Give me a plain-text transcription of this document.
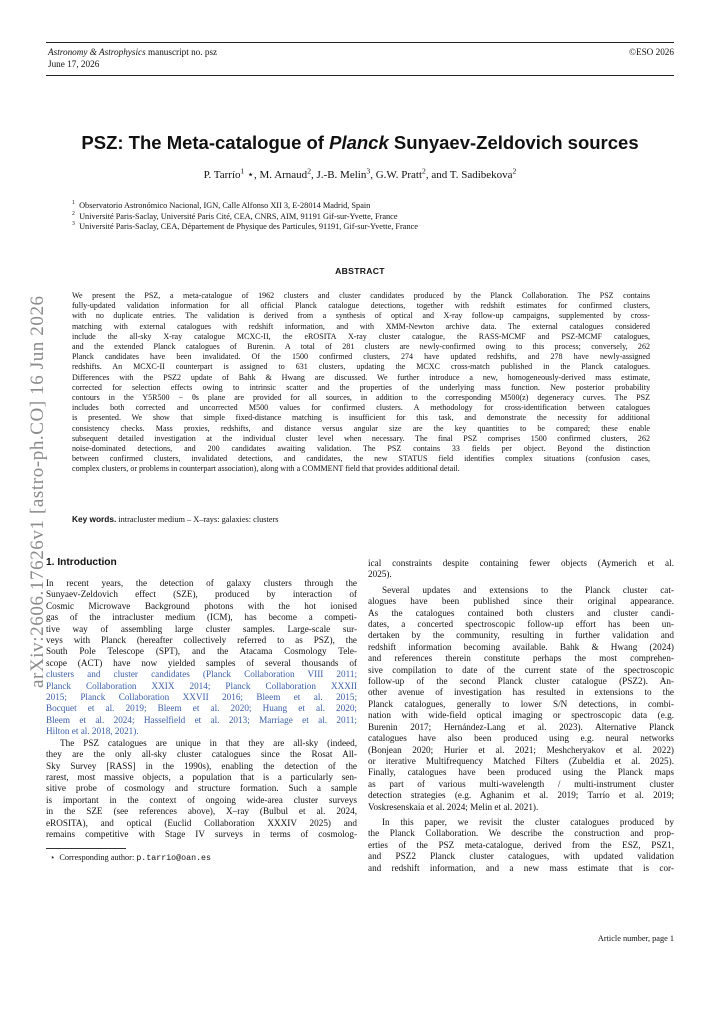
Astronomy & Astrophysics manuscript no. psz
June 17, 2026
©ESO 2026
arXiv:2606.17626v1 [astro-ph.CO] 16 Jun 2026
PSZ: The Meta-catalogue of Planck Sunyaev-Zeldovich sources
P. Tarrío$^1$ ⋆, M. Arnaud$^2$, J.-B. Melin$^3$, G.W. Pratt$^2$, and T. Sadibekova$^2$
$^1$ Observatorio Astronómico Nacional, IGN, Calle Alfonso XII 3, E-28014 Madrid, Spain
$^2$ Université Paris-Saclay, Université Paris Cité, CEA, CNRS, AIM, 91191 Gif-sur-Yvette, France
$^3$ Université Paris-Saclay, CEA, Département de Physique des Particules, 91191, Gif-sur-Yvette, France
ABSTRACT
We present the PSZ, a meta-catalogue of 1962 clusters and cluster candidates produced by the Planck Collaboration. The PSZ contains
fully-updated validation information for all official Planck catalogue detections, together with redshift estimates for confirmed clusters,
with no duplicate entries. The validation is derived from a synthesis of optical and X-ray follow-up campaigns, supplemented by cross-
matching with external catalogues with redshift information, and with XMM-Newton archive data. The external catalogues considered
include the all-sky X-ray catalogue MCXC-II, the eROSITA X-ray cluster catalogue, the RASS-MCMF and PSZ-MCMF catalogues,
and the extended Planck catalogues of Burenin. A total of 281 clusters are newly-confirmed owing to this process; conversely, 262
Planck candidates have been invalidated. Of the 1500 confirmed clusters, 274 have updated redshifts, and 278 have newly-assigned
redshifts. An MCXC-II counterpart is assigned to 631 clusters, updating the MCXC cross-match published in the Planck catalogues.
Differences with the PSZ2 update of Bahk & Hwang are discussed. We further introduce a new, homogeneously-derived mass estimate,
corrected for selection effects owing to intrinsic scatter and the properties of the underlying mass function. New posterior probability
contours in the Y5R500 − θs plane are provided for all sources, in addition to the corresponding M500(z) degeneracy curves. The PSZ
includes both corrected and uncorrected M500 values for confirmed clusters. A methodology for cross-identification between catalogues
is presented. We show that simple fixed-distance matching is insufficient for this task, and demonstrate the necessity for additional
consistency checks. Mass proxies, redshifts, and distance versus angular size are the key quantities to be compared; these enable
subsequent detailed investigation at the individual cluster level when necessary. The final PSZ comprises 1500 confirmed clusters, 262
noise-dominated detections, and 200 candidates awaiting validation. The PSZ contains 33 fields per object. Beyond the distinction
between confirmed clusters, invalidated detections, and candidates, the new STATUS field identifies complex situations (confusion cases,
complex clusters, or problems in counterpart association), along with a COMMENT field that provides additional detail.
Key words. intracluster medium – X–rays: galaxies: clusters
1. Introduction
In recent years, the detection of galaxy clusters through the
Sunyaev-Zeldovich effect (SZE), produced by interaction of
Cosmic Microwave Background photons with the hot ionised
gas of the intracluster medium (ICM), has become a competi-
tive way of assembling large cluster samples. Large-scale sur-
veys with Planck (hereafter collectively referred to as PSZ), the
South Pole Telescope (SPT), and the Atacama Cosmology Tele-
scope (ACT) have now yielded samples of several thousands of
clusters and cluster candidates (Planck Collaboration VIII 2011;
Planck Collaboration XXIX 2014; Planck Collaboration XXXII
2015; Planck Collaboration XXVII 2016; Bleem et al. 2015;
Bocquet et al. 2019; Bleem et al. 2020; Huang et al. 2020;
Bleem et al. 2024; Hasselfield et al. 2013; Marriage et al. 2011;
Hilton et al. 2018, 2021).
The PSZ catalogues are unique in that they are all-sky (indeed,
they are the only all-sky cluster catalogues since the Rosat All-
Sky Survey [RASS] in the 1990s), enabling the detection of the
rarest, most massive objects, a population that is a particularly sen-
sitive probe of cosmology and structure formation. Such a sample
is important in the context of ongoing wide-area cluster surveys
in the SZE (see references above), X–ray (Bulbul et al. 2024,
eROSITA), and optical (Euclid Collaboration XXXIV 2025) and
remains competitive with Stage IV surveys in terms of cosmolog-
ical constraints despite containing fewer objects (Aymerich et al.
2025).
Several updates and extensions to the Planck cluster cat-
alogues have been published since their original appearance.
As the catalogues contained both clusters and cluster candi-
dates, a concerted spectroscopic follow-up effort has been un-
dertaken by the community, resulting in further validation and
redshift information becoming available. Bahk & Hwang (2024)
and references therein constitute perhaps the most comprehen-
sive compilation to date of the current state of the spectroscopic
follow-up of the second Planck cluster catalogue (PSZ2). An-
other avenue of investigation has resulted in extensions to the
Planck catalogues, generally to lower S/N detections, in combi-
nation with wide-field optical imaging or spectroscopic data (e.g.
Burenin 2017; Hernández-Lang et al. 2023). Alternative Planck
catalogues have also been produced using e.g. neural networks
(Bonjean 2020; Hurier et al. 2021; Meshcheryakov et al. 2022)
or iterative Multifrequency Matched Filters (Zubeldia et al. 2025).
Finally, catalogues have been produced using the Planck maps
as part of various multi-wavelength / multi-instrument cluster
detection strategies (e.g. Aghanim et al. 2019; Tarrío et al. 2019;
Voskresenskaia et al. 2024; Melin et al. 2021).
In this paper, we revisit the cluster catalogues produced by
the Planck Collaboration. We describe the construction and prop-
erties of the PSZ meta-catalogue, derived from the ESZ, PSZ1,
and PSZ2 Planck cluster catalogues, with updated validation
and redshift information, and a new mass estimate that is cor-
⋆ Corresponding author: p.tarrio@oan.es
Article number, page 1
